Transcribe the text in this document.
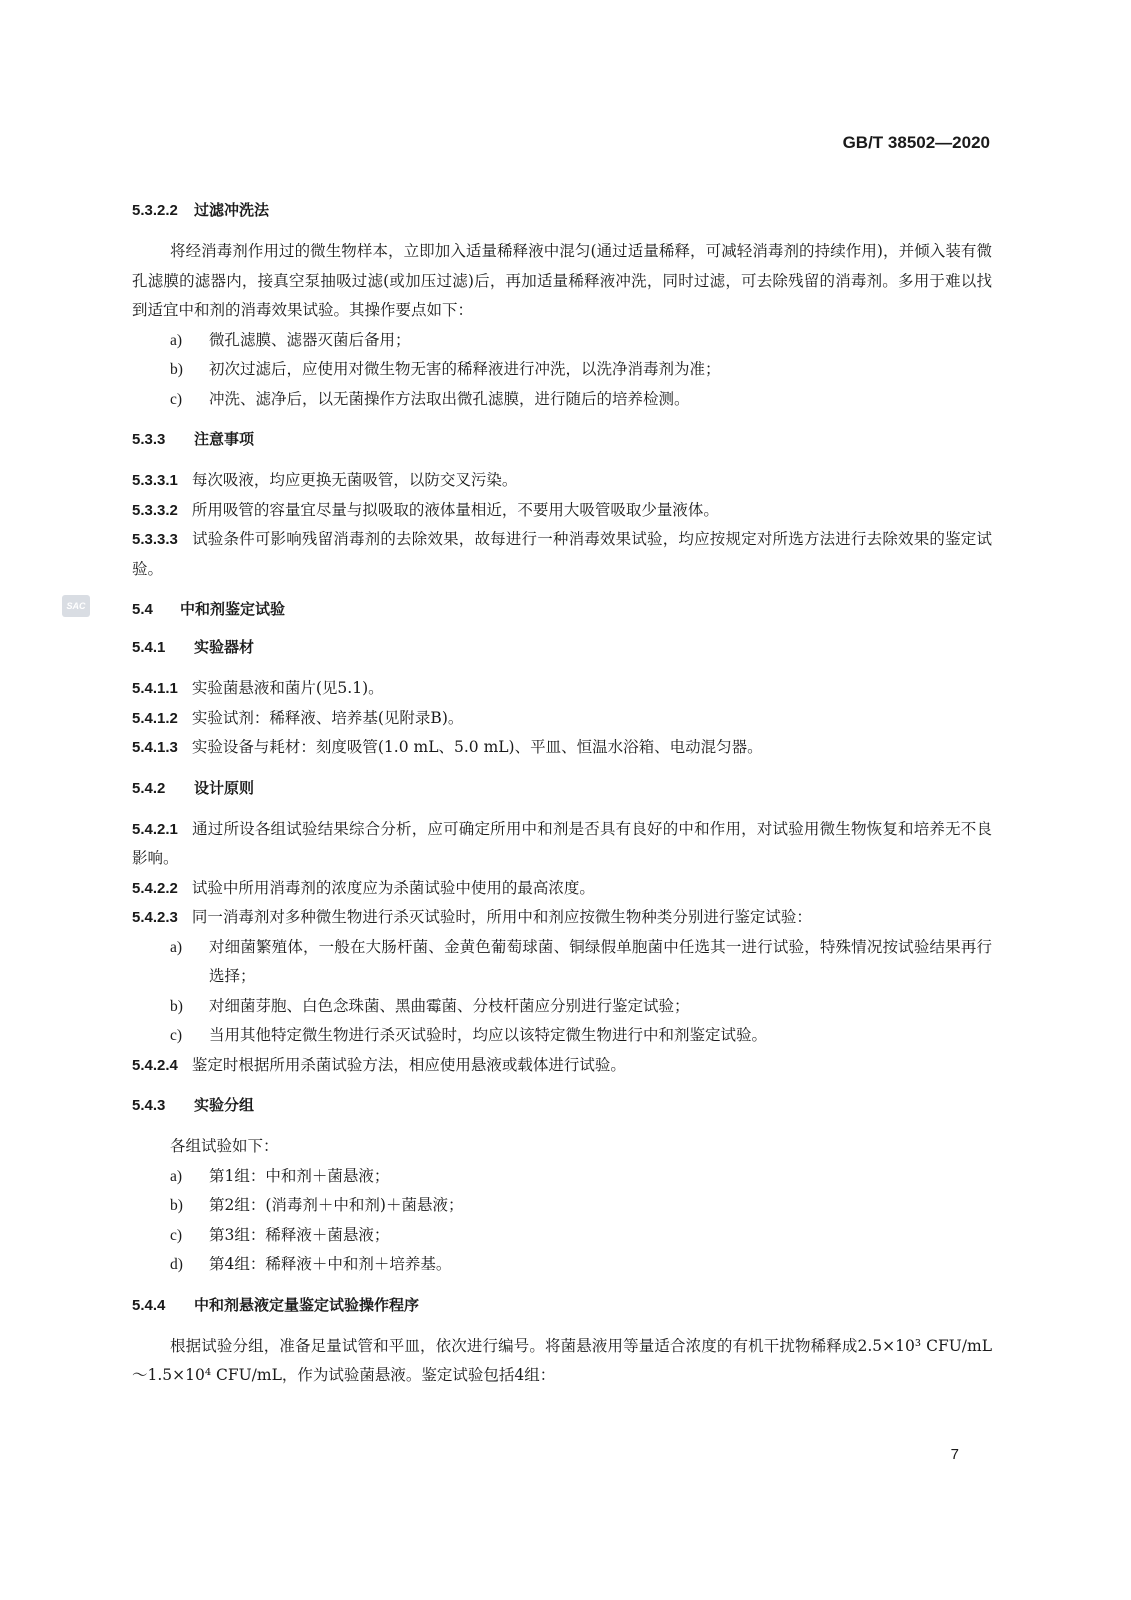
GB/T 38502—2020
SAC
5.3.2.2 过滤冲洗法

将经消毒剂作用过的微生物样本，立即加入适量稀释液中混匀(通过适量稀释，可减轻消毒剂的持续作用)，并倾入装有微孔滤膜的滤器内，接真空泵抽吸过滤(或加压过滤)后，再加适量稀释液冲洗，同时过滤，可去除残留的消毒剂。多用于难以找到适宜中和剂的消毒效果试验。其操作要点如下：

a) 微孔滤膜、滤器灭菌后备用；
b) 初次过滤后，应使用对微生物无害的稀释液进行冲洗，以洗净消毒剂为准；
c) 冲洗、滤净后，以无菌操作方法取出微孔滤膜，进行随后的培养检测。
5.3.3 注意事项

5.3.3.1 每次吸液，均应更换无菌吸管，以防交叉污染。

5.3.3.2 所用吸管的容量宜尽量与拟吸取的液体量相近，不要用大吸管吸取少量液体。

5.3.3.3 试验条件可影响残留消毒剂的去除效果，故每进行一种消毒效果试验，均应按规定对所选方法进行去除效果的鉴定试验。

5.4 中和剂鉴定试验
5.4.1 实验器材

5.4.1.1 实验菌悬液和菌片(见5.1)。

5.4.1.2 实验试剂：稀释液、培养基(见附录B)。

5.4.1.3 实验设备与耗材：刻度吸管(1.0 mL、5.0 mL)、平皿、恒温水浴箱、电动混匀器。

5.4.2 设计原则

5.4.2.1 通过所设各组试验结果综合分析，应可确定所用中和剂是否具有良好的中和作用，对试验用微生物恢复和培养无不良影响。

5.4.2.2 试验中所用消毒剂的浓度应为杀菌试验中使用的最高浓度。

5.4.2.3 同一消毒剂对多种微生物进行杀灭试验时，所用中和剂应按微生物种类分别进行鉴定试验：

a) 对细菌繁殖体，一般在大肠杆菌、金黄色葡萄球菌、铜绿假单胞菌中任选其一进行试验，特殊情况按试验结果再行选择；
b) 对细菌芽胞、白色念珠菌、黑曲霉菌、分枝杆菌应分别进行鉴定试验；
c) 当用其他特定微生物进行杀灭试验时，均应以该特定微生物进行中和剂鉴定试验。

5.4.2.4 鉴定时根据所用杀菌试验方法，相应使用悬液或载体进行试验。

5.4.3 实验分组

各组试验如下：

a) 第1组：中和剂＋菌悬液；
b) 第2组：(消毒剂＋中和剂)＋菌悬液；
c) 第3组：稀释液＋菌悬液；
d) 第4组：稀释液＋中和剂＋培养基。
5.4.4 中和剂悬液定量鉴定试验操作程序

根据试验分组，准备足量试管和平皿，依次进行编号。将菌悬液用等量适合浓度的有机干扰物稀释成2.5×10³ CFU/mL～1.5×10⁴ CFU/mL，作为试验菌悬液。鉴定试验包括4组：

7
